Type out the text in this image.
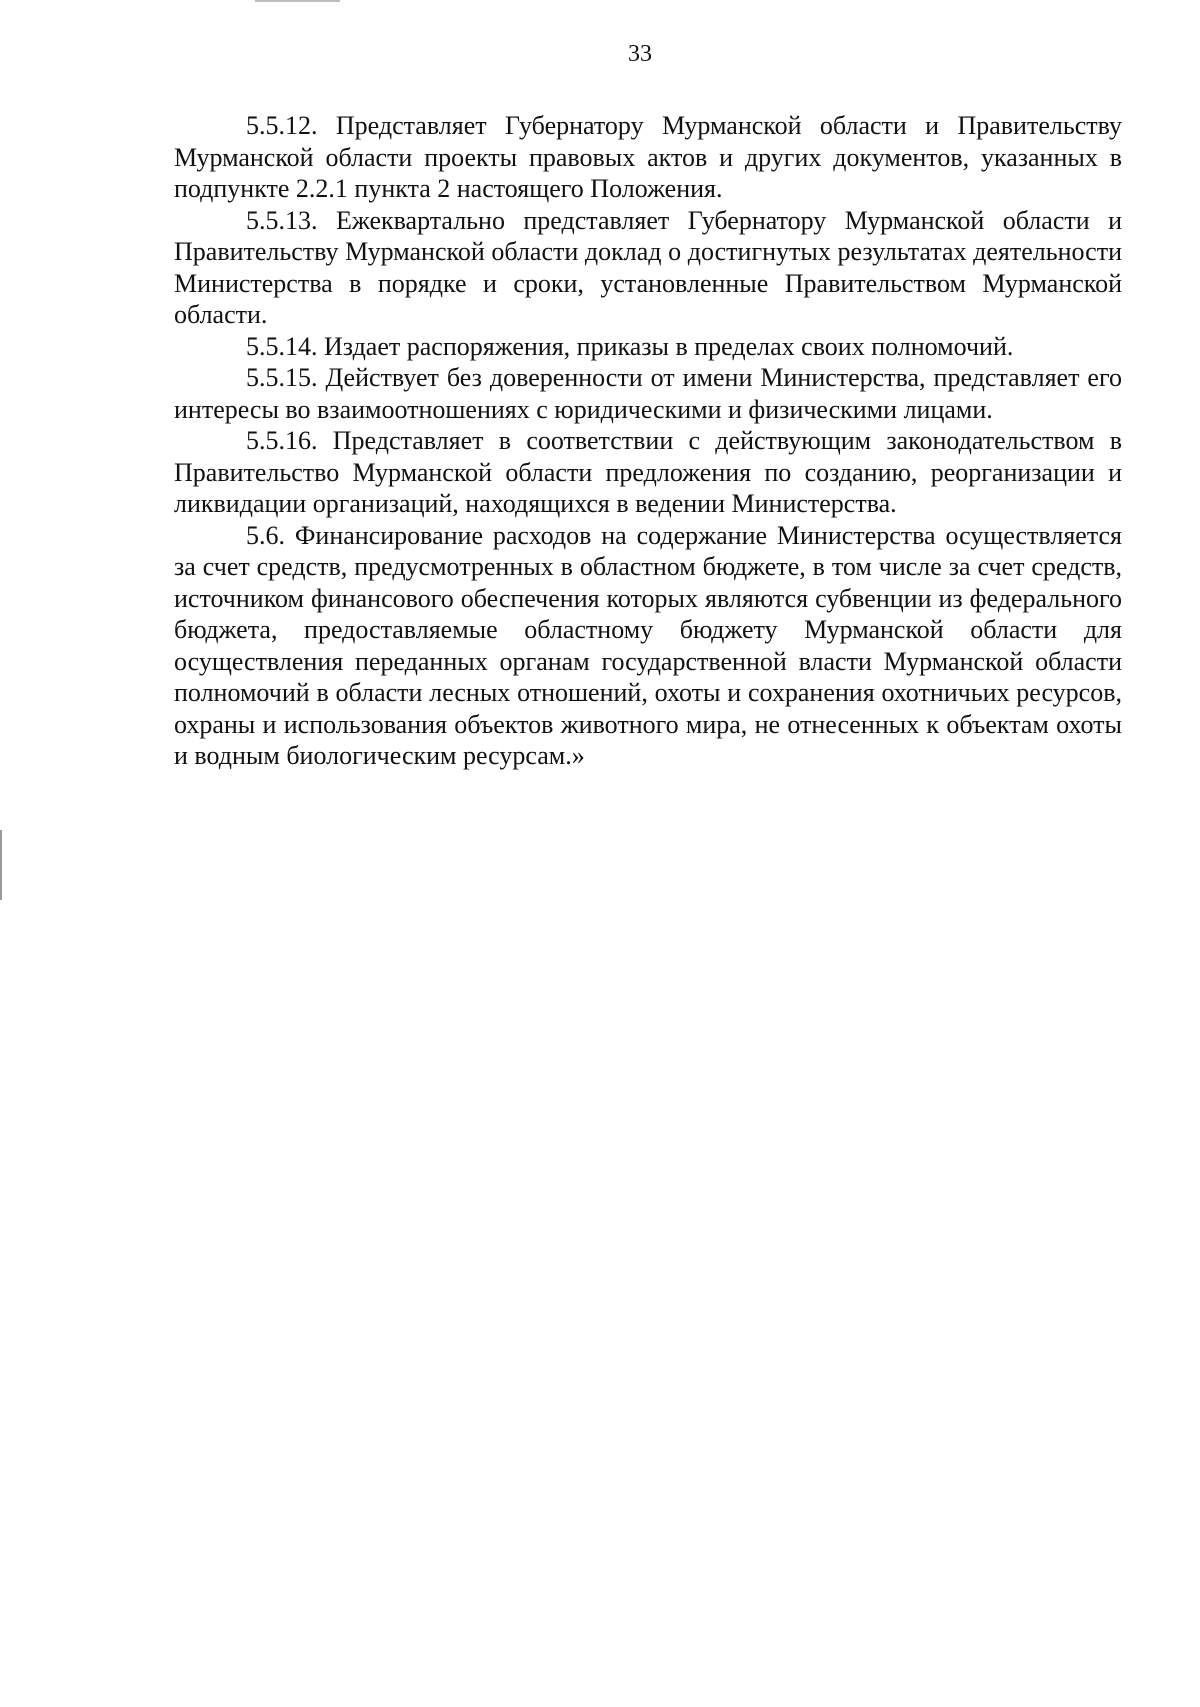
33

5.5.12. Представляет Губернатору Мурманской области и Правительству Мурманской области проекты правовых актов и других документов, указанных в подпункте 2.2.1 пункта 2 настоящего Положения.

5.5.13. Ежеквартально представляет Губернатору Мурманской области и Правительству Мурманской области доклад о достигнутых результатах деятельности Министерства в порядке и сроки, установленные Правительством Мурманской области.

5.5.14. Издает распоряжения, приказы в пределах своих полномочий.

5.5.15. Действует без доверенности от имени Министерства, представляет его интересы во взаимоотношениях с юридическими и физическими лицами.

5.5.16. Представляет в соответствии с действующим законодательством в Правительство Мурманской области предложения по созданию, реорганизации и ликвидации организаций, находящихся в ведении Министерства.

5.6. Финансирование расходов на содержание Министерства осуществляется за счет средств, предусмотренных в областном бюджете, в том числе за счет средств, источником финансового обеспечения которых являются субвенции из федерального бюджета, предоставляемые областному бюджету Мурманской области для осуществления переданных органам государственной власти Мурманской области полномочий в области лесных отношений, охоты и сохранения охотничьих ресурсов, охраны и использования объектов животного мира, не отнесенных к объектам охоты и водным биологическим ресурсам.»
